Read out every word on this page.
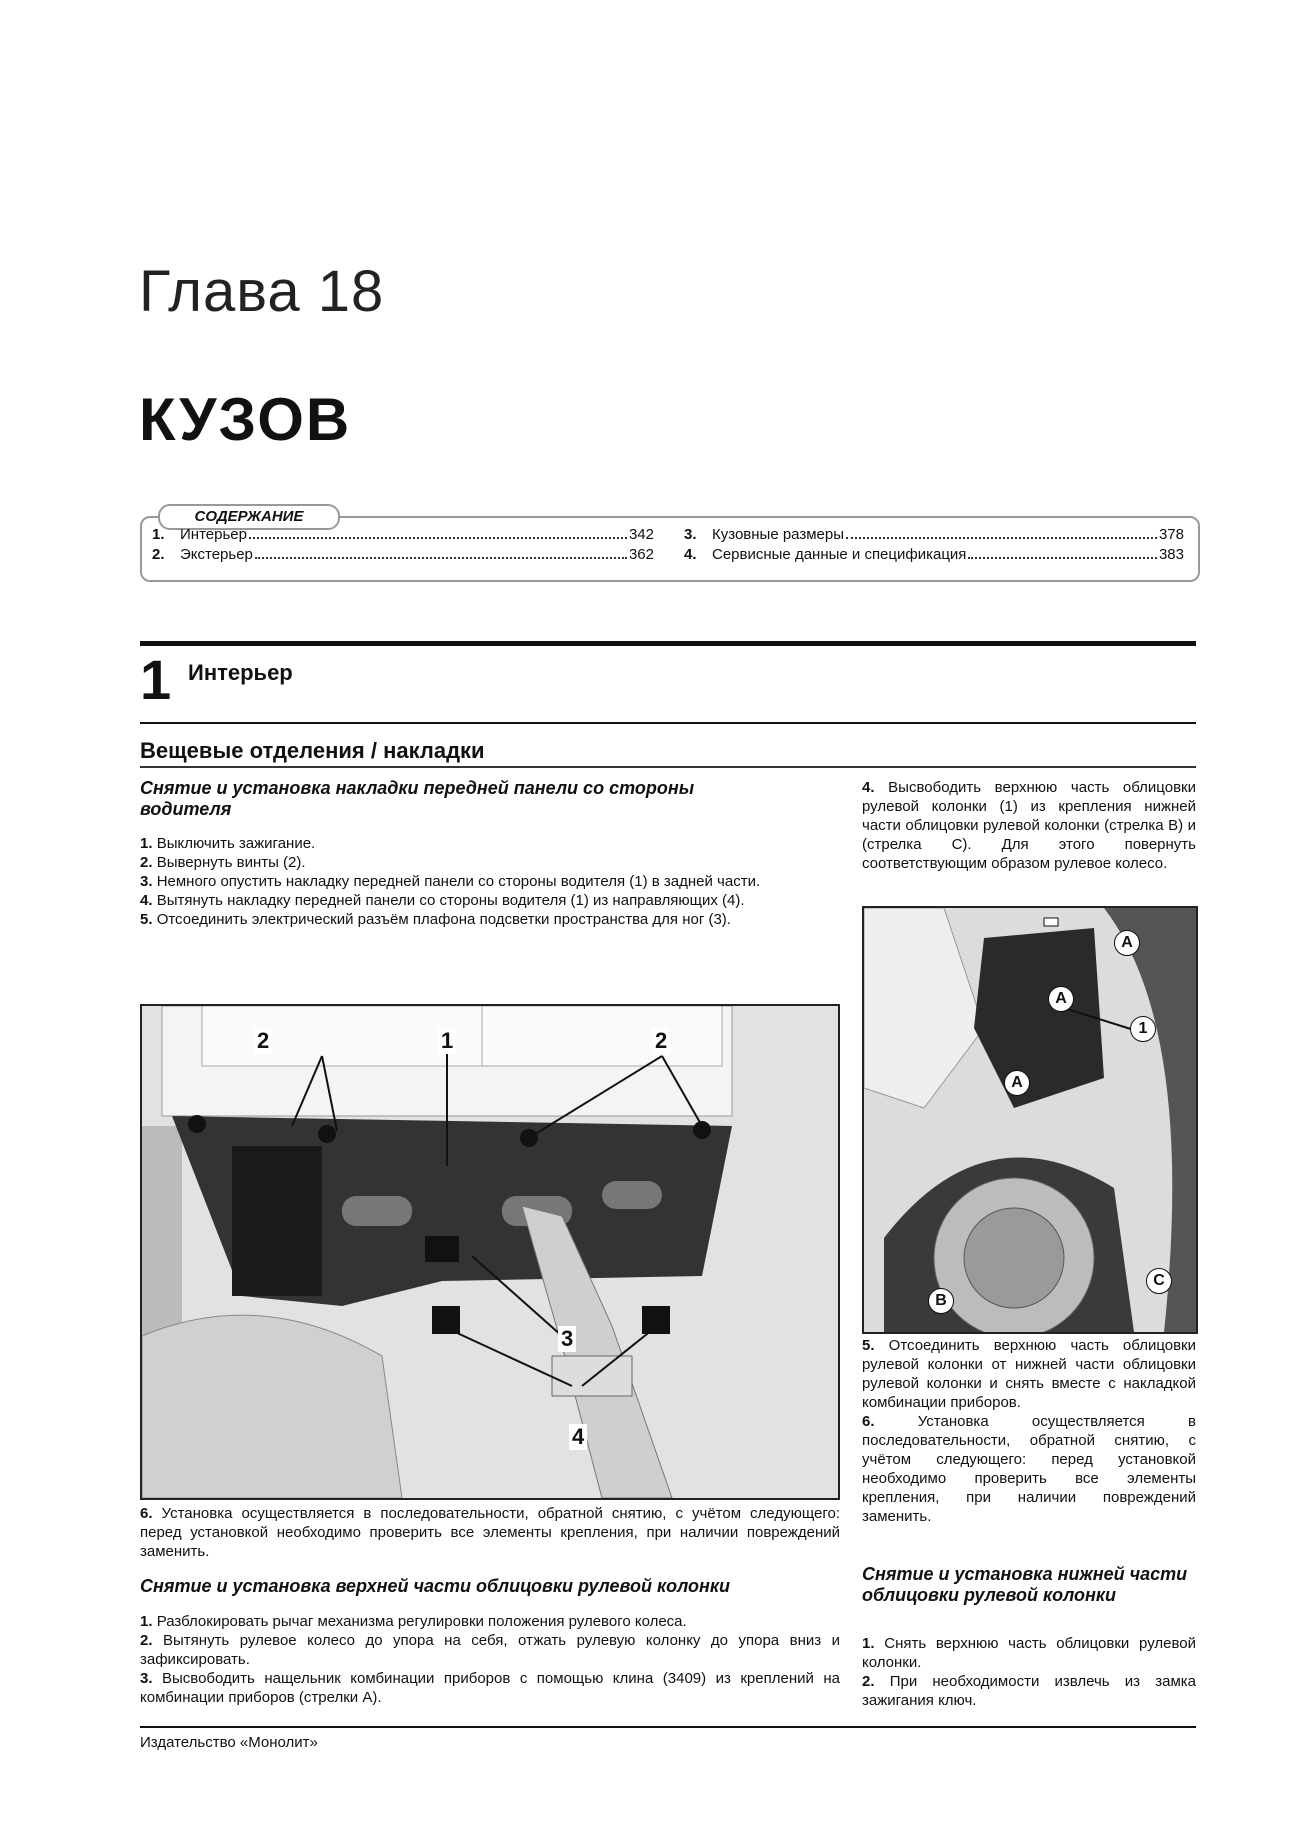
Глава 18
КУЗОВ
СОДЕРЖАНИЕ
1.	Интерьер	342
2.	Экстерьер	362
3.	Кузовные размеры	378
4.	Сервисные данные и спецификация	383
1 Интерьер
Вещевые отделения / накладки
Снятие и установка накладки передней панели со стороны водителя
1. Выключить зажигание.
2. Вывернуть винты (2).
3. Немного опустить накладку передней панели со стороны водителя (1) в задней части.
4. Вытянуть накладку передней панели со стороны водителя (1) из направляющих (4).
5. Отсоединить электрический разъём плафона подсветки пространства для ног (3).
2	1	2
3
4
6. Установка осуществляется в последовательности, обратной снятию, с учётом следующего: перед установкой необходимо проверить все элементы крепления, при наличии повреждений заменить.
Снятие и установка верхней части облицовки рулевой колонки
1. Разблокировать рычаг механизма регулировки положения рулевого колеса.
2. Вытянуть рулевое колесо до упора на себя, отжать рулевую колонку до упора вниз и зафиксировать.
3. Высвободить нащельник комбинации приборов с помощью клина (3409) из креплений на комбинации приборов (стрелки А).
4. Высвободить верхнюю часть облицовки рулевой колонки (1) из крепления нижней части облицовки рулевой колонки (стрелка B) и (стрелка C). Для этого повернуть соответствующим образом рулевое колесо.
A
A
A
1
B
C
5. Отсоединить верхнюю часть облицовки рулевой колонки от нижней части облицовки рулевой колонки и снять вместе с накладкой комбинации приборов.
6.	Установка осуществляется в последовательности, обратной снятию, с учётом следующего: перед установкой необходимо проверить все элементы крепления, при наличии повреждений заменить.
Снятие и установка нижней части облицовки рулевой колонки
1. Снять верхнюю часть облицовки рулевой колонки.
2. При необходимости извлечь из замка зажигания ключ.
Издательство «Монолит»
